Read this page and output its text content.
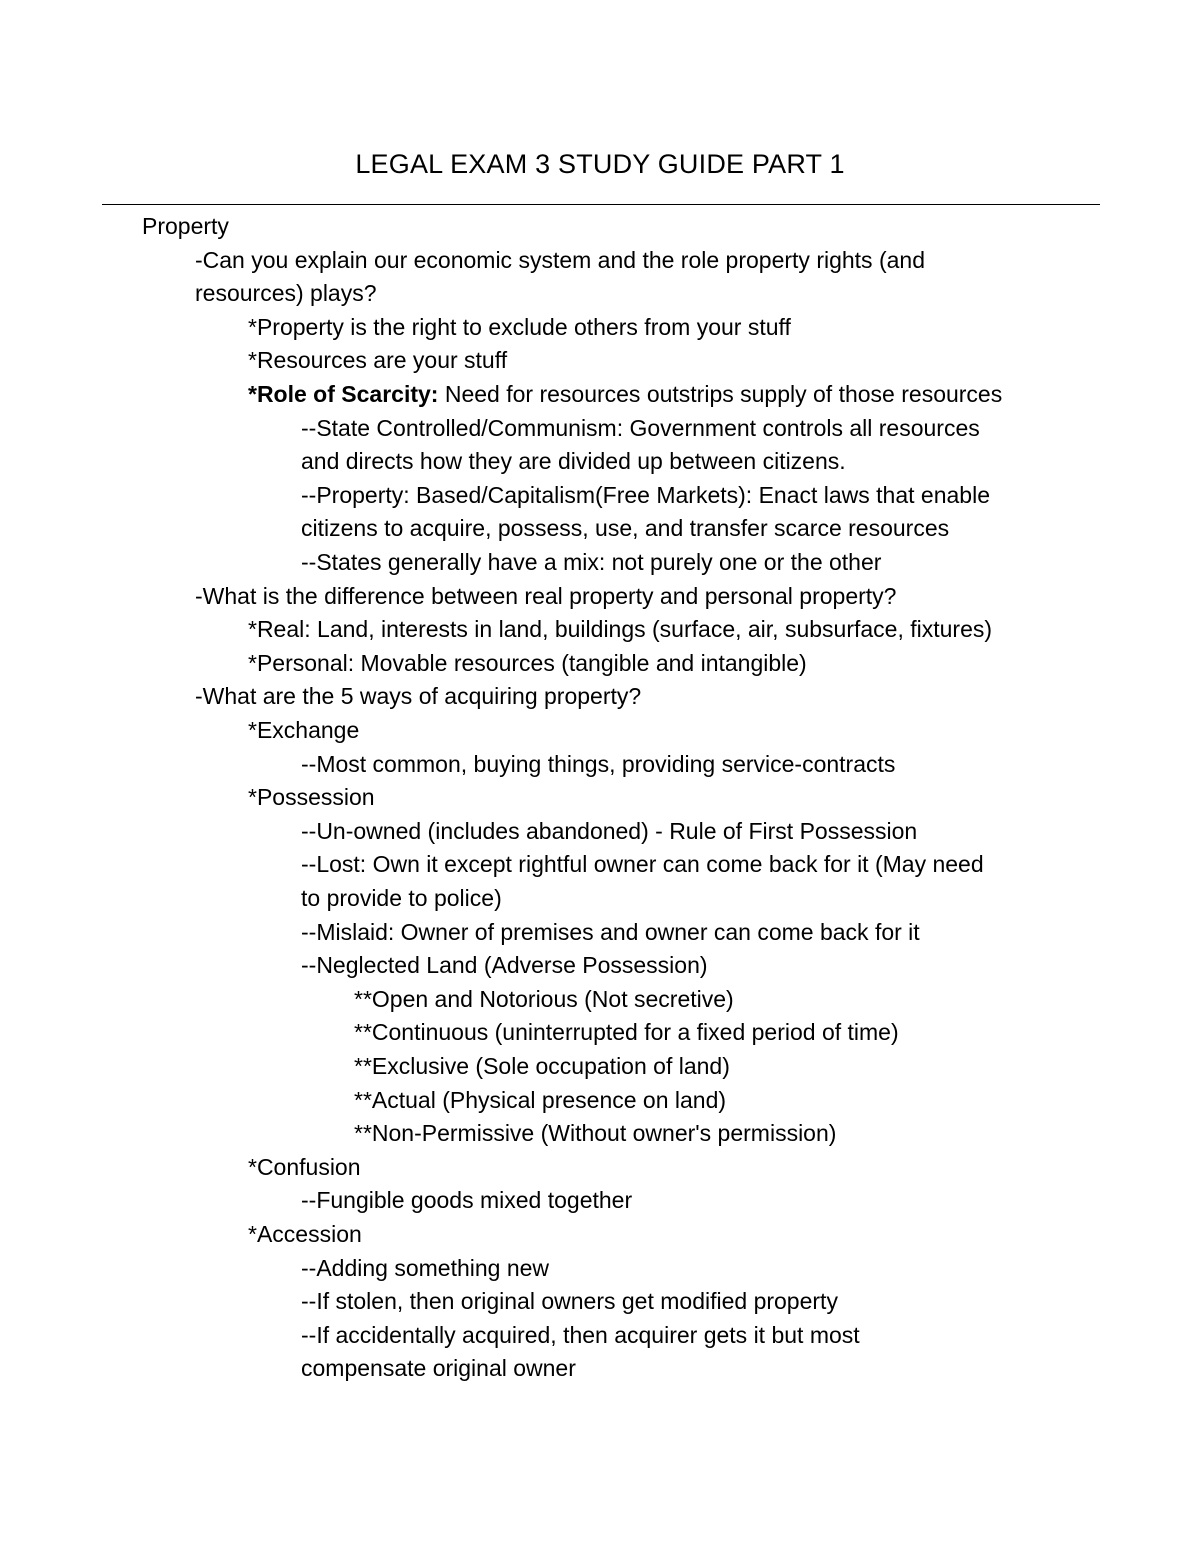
LEGAL EXAM 3 STUDY GUIDE PART 1
Property
-Can you explain our economic system and the role property rights (and
resources) plays?
*Property is the right to exclude others from your stuff
*Resources are your stuff
*Role of Scarcity: Need for resources outstrips supply of those resources
--State Controlled/Communism: Government controls all resources
and directs how they are divided up between citizens.
--Property: Based/Capitalism(Free Markets): Enact laws that enable
citizens to acquire, possess, use, and transfer scarce resources
--States generally have a mix: not purely one or the other
-What is the difference between real property and personal property?
*Real: Land, interests in land, buildings (surface, air, subsurface, fixtures)
*Personal: Movable resources (tangible and intangible)
-What are the 5 ways of acquiring property?
*Exchange
--Most common, buying things, providing service-contracts
*Possession
--Un-owned (includes abandoned) - Rule of First Possession
--Lost: Own it except rightful owner can come back for it (May need
to provide to police)
--Mislaid: Owner of premises and owner can come back for it
--Neglected Land (Adverse Possession)
**Open and Notorious (Not secretive)
**Continuous (uninterrupted for a fixed period of time)
**Exclusive (Sole occupation of land)
**Actual (Physical presence on land)
**Non-Permissive (Without owner's permission)
*Confusion
--Fungible goods mixed together
*Accession
--Adding something new
--If stolen, then original owners get modified property
--If accidentally acquired, then acquirer gets it but most
compensate original owner
